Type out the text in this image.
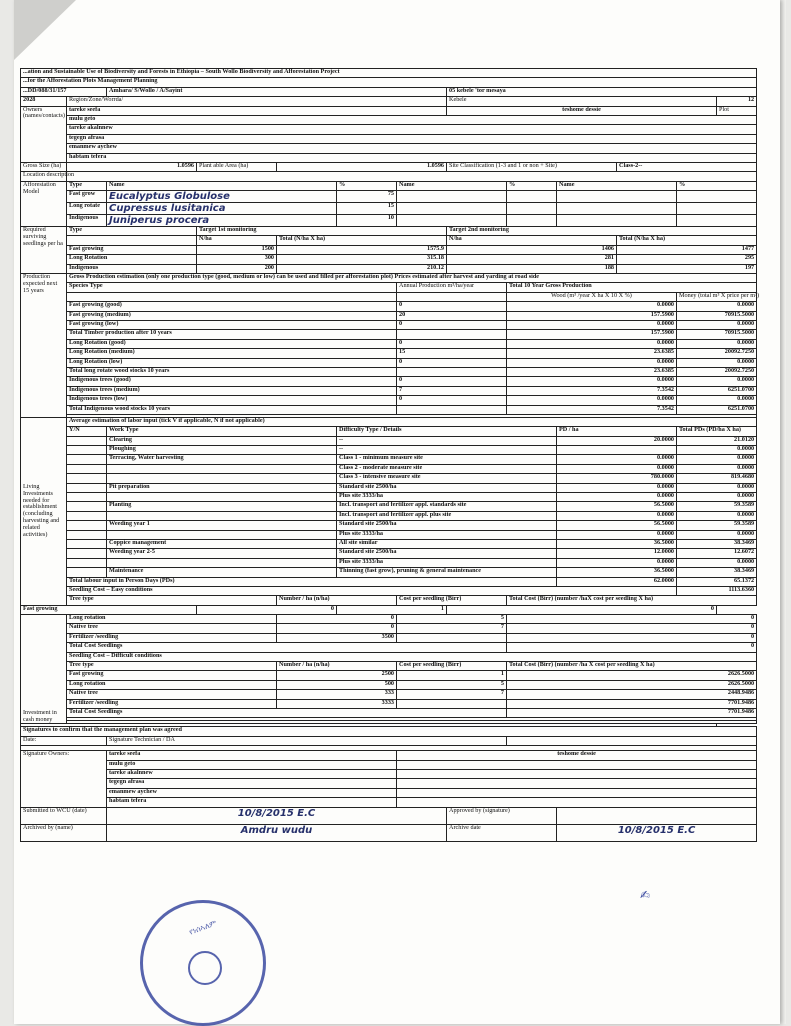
...ation and Sustainable Use of Biodiversity and Forests in Ethiopia – South Wollo Biodiversity and Afforestation Project												
...for the Afforestation Plots Management Planning												
...DD/088/31/157		Amhara/ S/Wollo / A/Sayint					05 kebele 'tor mesaya					
2028	Region/Zone/Worrda/						Kebele					12
Owners (names/contacts)	tareke seefa						teshome dessie					Plot
	mulu geto											
	tareke akalnnew											
	tegegn afrasa											
	emanmew aychew											
	habtam tefera											
Gross Size (ha)	1.0596		Plant able Area (ha)	1.0596			Site Classification (1-3 and 1 or non + Site)			Class-2--		
Location description												
Afforestation Model	Type	Name			%	Name		%	Name		%	
	Fast grow	Eucalyptus Globulose			75							
	Long rotate	Cupressus lusitanica			15							
	Indigenous	Juniperus procera			10							
Required surviving seedlings per ha	Type		Target 1st monitoring				Target 2nd monitoring					
			N/ha	Total (N/ha X ha)			N/ha			Total (N/ha X ha)		
	Fast growing		1500	1575.9			1406			1477		
	Long Rotation		300	315.18			281			295		
	Indigenous		200	210.12			188			197		
Production expected next 15 years	Gross Production estimation (only one production type (good, medium or low) can be used and filled per afforestation plot) Prices estimated after harvest and yarding at road side											
	Species Type					Annual Production m³/ha/year		Total 10 Year Gross Production				
								Wood (m³ /year X ha X 10 X %)			Money (total m³ X price per m³)	
	Fast growing (good)					0		0.0000			0.0000	
	Fast growing (medium)					20		157.5900			70915.5000	
	Fast growing (low)					0		0.0000			0.0000	
	Total Timber production after 10 years							157.5900			70915.5000	
	Long Rotation (good)					0		0.0000			0.0000	
	Long Rotation (medium)					15		23.6385			20092.7250	
	Long Rotation (low)					0		0.0000			0.0000	
	Total long rotate wood stocks 10 years							23.6385			20092.7250	
	Indigenous trees (good)					0		0.0000			0.0000	
	Indigenous trees (medium)					7		7.3542			6251.0700	
	Indigenous trees (low)					0		0.0000			0.0000	
	Total Indigenous wood stocks 10 years							7.3542			6251.0700	

Living Investments needed for establishment (concluding harvesting and related activities)	Average estimation of labor input (tick V if applicable, N if not applicable)											
	Y/N	Work Type			Difficulty Type / Details				PD / ha		Total PDs (PD/ha X ha)	
		Clearing			--				20.0000		21.0120	
		Ploughing			--						0.0000	
		Terracing, Water harvesting			Class 1 - minimum measure site				0.0000		0.0000	
					Class 2 - moderate measure site				0.0000		0.0000	
					Class 3 - intensive measure site				780.0000		819.4680	
		Pit preparation			Standard site 2500/ha				0.0000		0.0000	
					Plus site 3333/ha				0.0000		0.0000	
		Planting			Incl. transport and fertilizer appl. standards site				56.5000		59.3589	
					Incl. transport and fertilizer appl. plus site				0.0000		0.0000	
		Weeding year 1			Standard site 2500/ha				56.5000		59.3589	
					Plus site 3333/ha				0.0000		0.0000	
		Coppice management			All site similar				36.5000		38.3469	
		Weeding year 2-5			Standard site 2500/ha				12.0000		12.6072	
					Plus site 3333/ha				0.0000		0.0000	
		Maintenance			Thinning (fast grow), pruning & general maintenance				36.5000		38.3469	
	Total labour input in Person Days (PDs)								62.0000		65.1372	
	Seedling Cost – Easy conditions										1113.6360	
	Tree type			Number / ha (n/ha)		Cost per seedling (Birr)		Total Cost (Birr) (number /haX cost per seedling X ha)				
Fast growing			0		1		0					
Investment in cash money	Long rotation			0		5		0				
	Native tree			0		7		0				
	Fertilizer /seedling			3500				0				
	Total Cost Seedlings							0				
	Seedling Cost – Difficult conditions											
	Tree type			Number / ha (n/ha)		Cost per seedling (Birr)		Total Cost (Birr) (number /ha X cost per seedling X ha)				
	Fast growing			2500		1		2626.5000				
	Long rotation			500		5		2626.5000				
	Native tree			333		7		2448.9486				
	Fertilizer /seedling			3333				7701.9486				
	Total Cost Seedlings							7701.9486				

Signatures to confirm that the management plan was agreed												
Date:		Signature Technician / DA										

Signature Owners:		tareke seefa				teshome dessie						
		mulu geto										
		tareke akalnnew										
		tegegn afrasa										
		emanmew aychew										
		habtam tefera										
Submitted to WCU (date)		10/8/2015 E.C					Approved by (signature)					
Archived by (name)		Amdru wudu					Archive date		10/8/2015 E.C			
✍
የነሰኣለም
